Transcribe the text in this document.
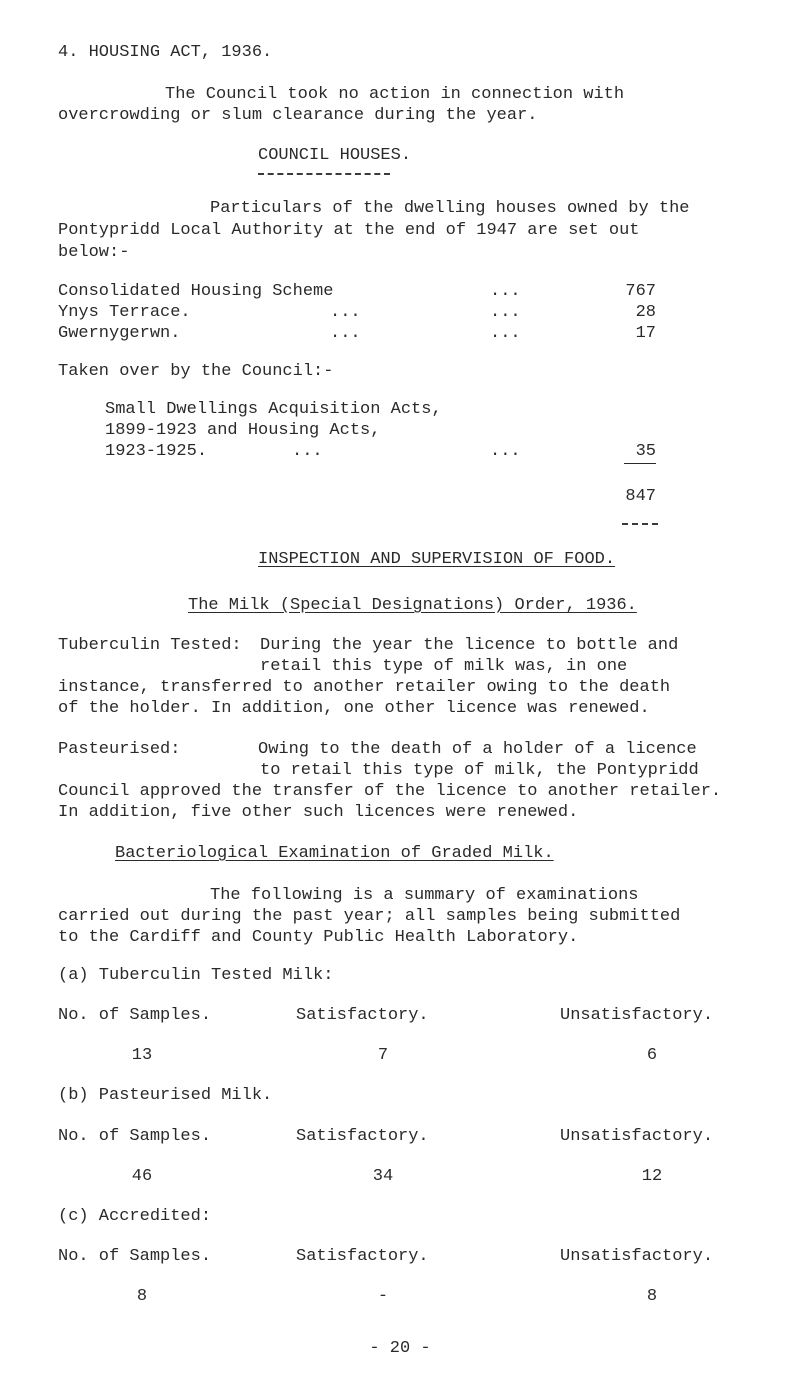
4. HOUSING ACT, 1936.
The Council took no action in connection with
overcrowding or slum clearance during the year.
COUNCIL HOUSES.
Particulars of the dwelling houses owned by the
Pontypridd Local Authority at the end of 1947 are set out
below:-
Consolidated Housing Scheme	...	767
Ynys Terrace.	...	...	28
Gwernygerwn.	...	...	17
Taken over by the Council:-
Small Dwellings Acquisition Acts,
1899-1923 and Housing Acts,
1923-1925.	...	...	35
847
INSPECTION AND SUPERVISION OF FOOD.
The Milk (Special Designations) Order, 1936.
Tuberculin Tested: During the year the licence to bottle and
retail this type of milk was, in one
instance, transferred to another retailer owing to the death
of the holder. In addition, one other licence was renewed.
Pasteurised:	Owing to the death of a holder of a licence
to retail this type of milk, the Pontypridd
Council approved the transfer of the licence to another retailer.
In addition, five other such licences were renewed.
Bacteriological Examination of Graded Milk.
The following is a summary of examinations
carried out during the past year; all samples being submitted
to the Cardiff and County Public Health Laboratory.
(a) Tuberculin Tested Milk:
No. of Samples.	Satisfactory.	Unsatisfactory.
13	7	6
(b) Pasteurised Milk.
No. of Samples.	Satisfactory.	Unsatisfactory.
46	34	12
(c) Accredited:
No. of Samples.	Satisfactory.	Unsatisfactory.
8	-	8
- 20 -
